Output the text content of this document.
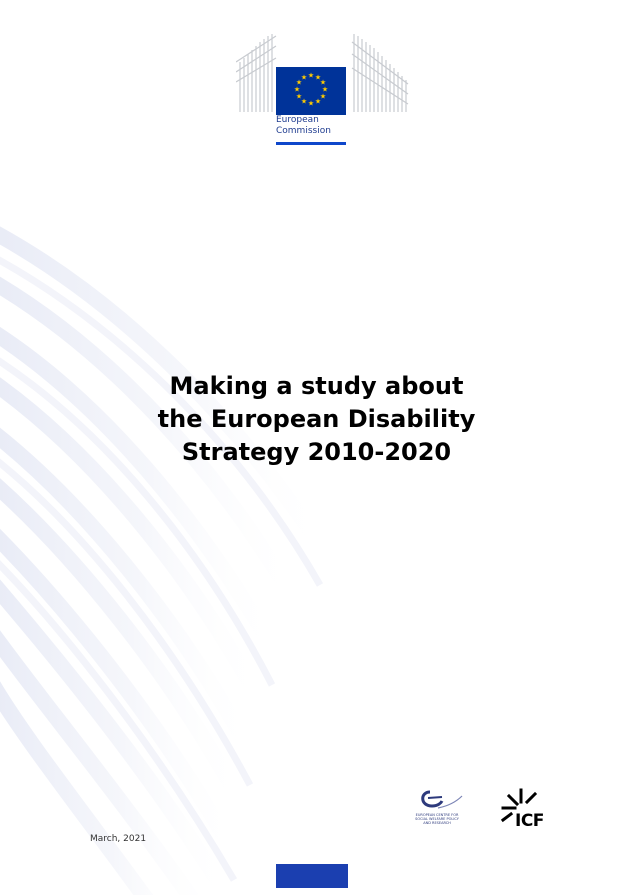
★ ★
★
★
★
★
★
★
★
★
★
★
European
Commission
Making a study about
the European Disability
Strategy 2010-2020
EUROPEAN CENTRE FOR
SOCIAL WELFARE POLICY
AND RESEARCH	ICF
March, 2021
